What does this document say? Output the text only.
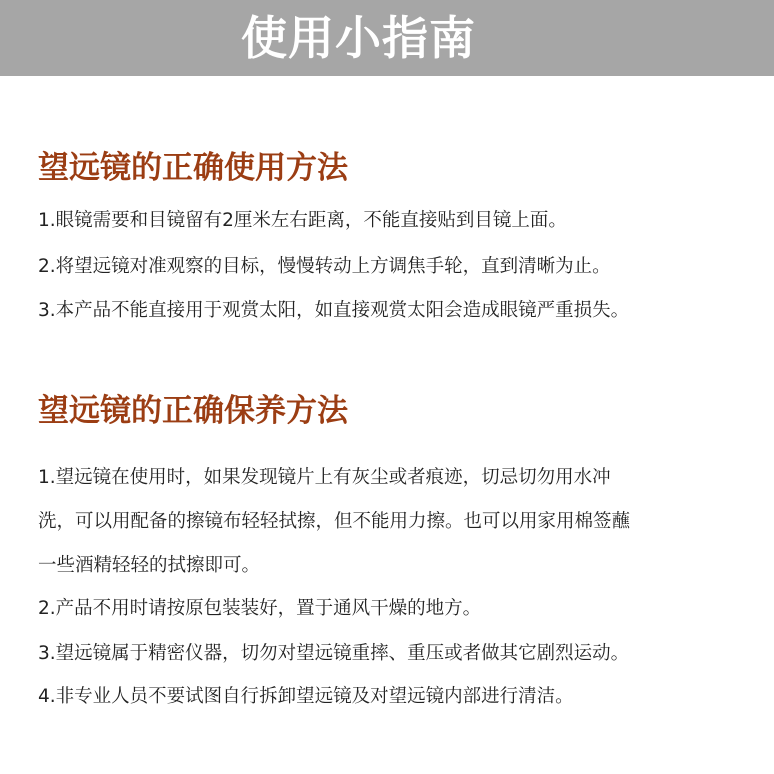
使用小指南
望远镜的正确使用方法

1.眼镜需要和目镜留有2厘米左右距离，不能直接贴到目镜上面。

2.将望远镜对准观察的目标，慢慢转动上方调焦手轮，直到清晰为止。

3.本产品不能直接用于观赏太阳，如直接观赏太阳会造成眼镜严重损失。

望远镜的正确保养方法

1.望远镜在使用时，如果发现镜片上有灰尘或者痕迹，切忌切勿用水冲

洗，可以用配备的擦镜布轻轻拭擦，但不能用力擦。也可以用家用棉签蘸

一些酒精轻轻的拭擦即可。

2.产品不用时请按原包装装好，置于通风干燥的地方。

3.望远镜属于精密仪器，切勿对望远镜重摔、重压或者做其它剧烈运动。

4.非专业人员不要试图自行拆卸望远镜及对望远镜内部进行清洁。
